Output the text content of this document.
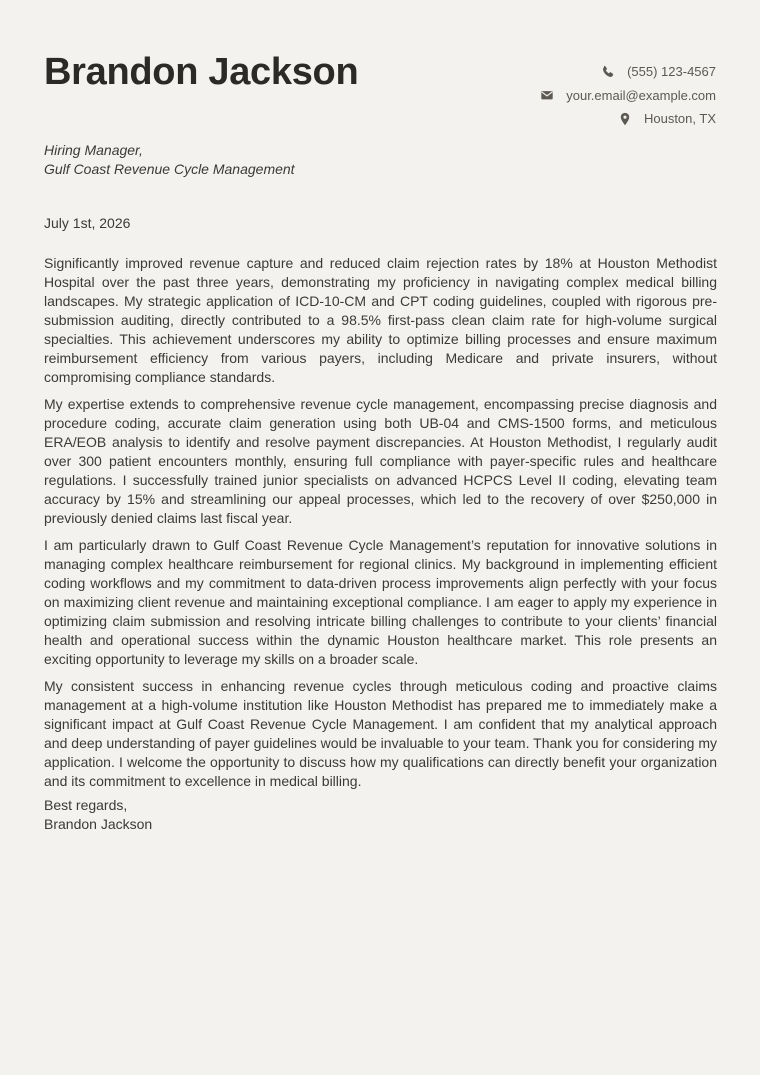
Brandon Jackson	(555) 123-4567
your.email@example.com
Houston, TX
Hiring Manager,
Gulf Coast Revenue Cycle Management
July 1st, 2026

Significantly improved revenue capture and reduced claim rejection rates by 18% at Houston Methodist Hospital over the past three years, demonstrating my proficiency in navigating complex medical billing landscapes. My strategic application of ICD-10-CM and CPT coding guidelines, coupled with rigorous pre-submission auditing, directly contributed to a 98.5% first-pass clean claim rate for high-volume surgical specialties. This achievement underscores my ability to optimize billing processes and ensure maximum reimbursement efficiency from various payers, including Medicare and private insurers, without compromising compliance standards.

My expertise extends to comprehensive revenue cycle management, encompassing precise diagnosis and procedure coding, accurate claim generation using both UB-04 and CMS-1500 forms, and meticulous ERA/EOB analysis to identify and resolve payment discrepancies. At Houston Methodist, I regularly audit over 300 patient encounters monthly, ensuring full compliance with payer-specific rules and healthcare regulations. I successfully trained junior specialists on advanced HCPCS Level II coding, elevating team accuracy by 15% and streamlining our appeal processes, which led to the recovery of over $250,000 in previously denied claims last fiscal year.

I am particularly drawn to Gulf Coast Revenue Cycle Management’s reputation for innovative solutions in managing complex healthcare reimbursement for regional clinics. My background in implementing efficient coding workflows and my commitment to data-driven process improvements align perfectly with your focus on maximizing client revenue and maintaining exceptional compliance. I am eager to apply my experience in optimizing claim submission and resolving intricate billing challenges to contribute to your clients’ financial health and operational success within the dynamic Houston healthcare market. This role presents an exciting opportunity to leverage my skills on a broader scale.

My consistent success in enhancing revenue cycles through meticulous coding and proactive claims management at a high-volume institution like Houston Methodist has prepared me to immediately make a significant impact at Gulf Coast Revenue Cycle Management. I am confident that my analytical approach and deep understanding of payer guidelines would be invaluable to your team. Thank you for considering my application. I welcome the opportunity to discuss how my qualifications can directly benefit your organization and its commitment to excellence in medical billing.

Best regards,
Brandon Jackson
